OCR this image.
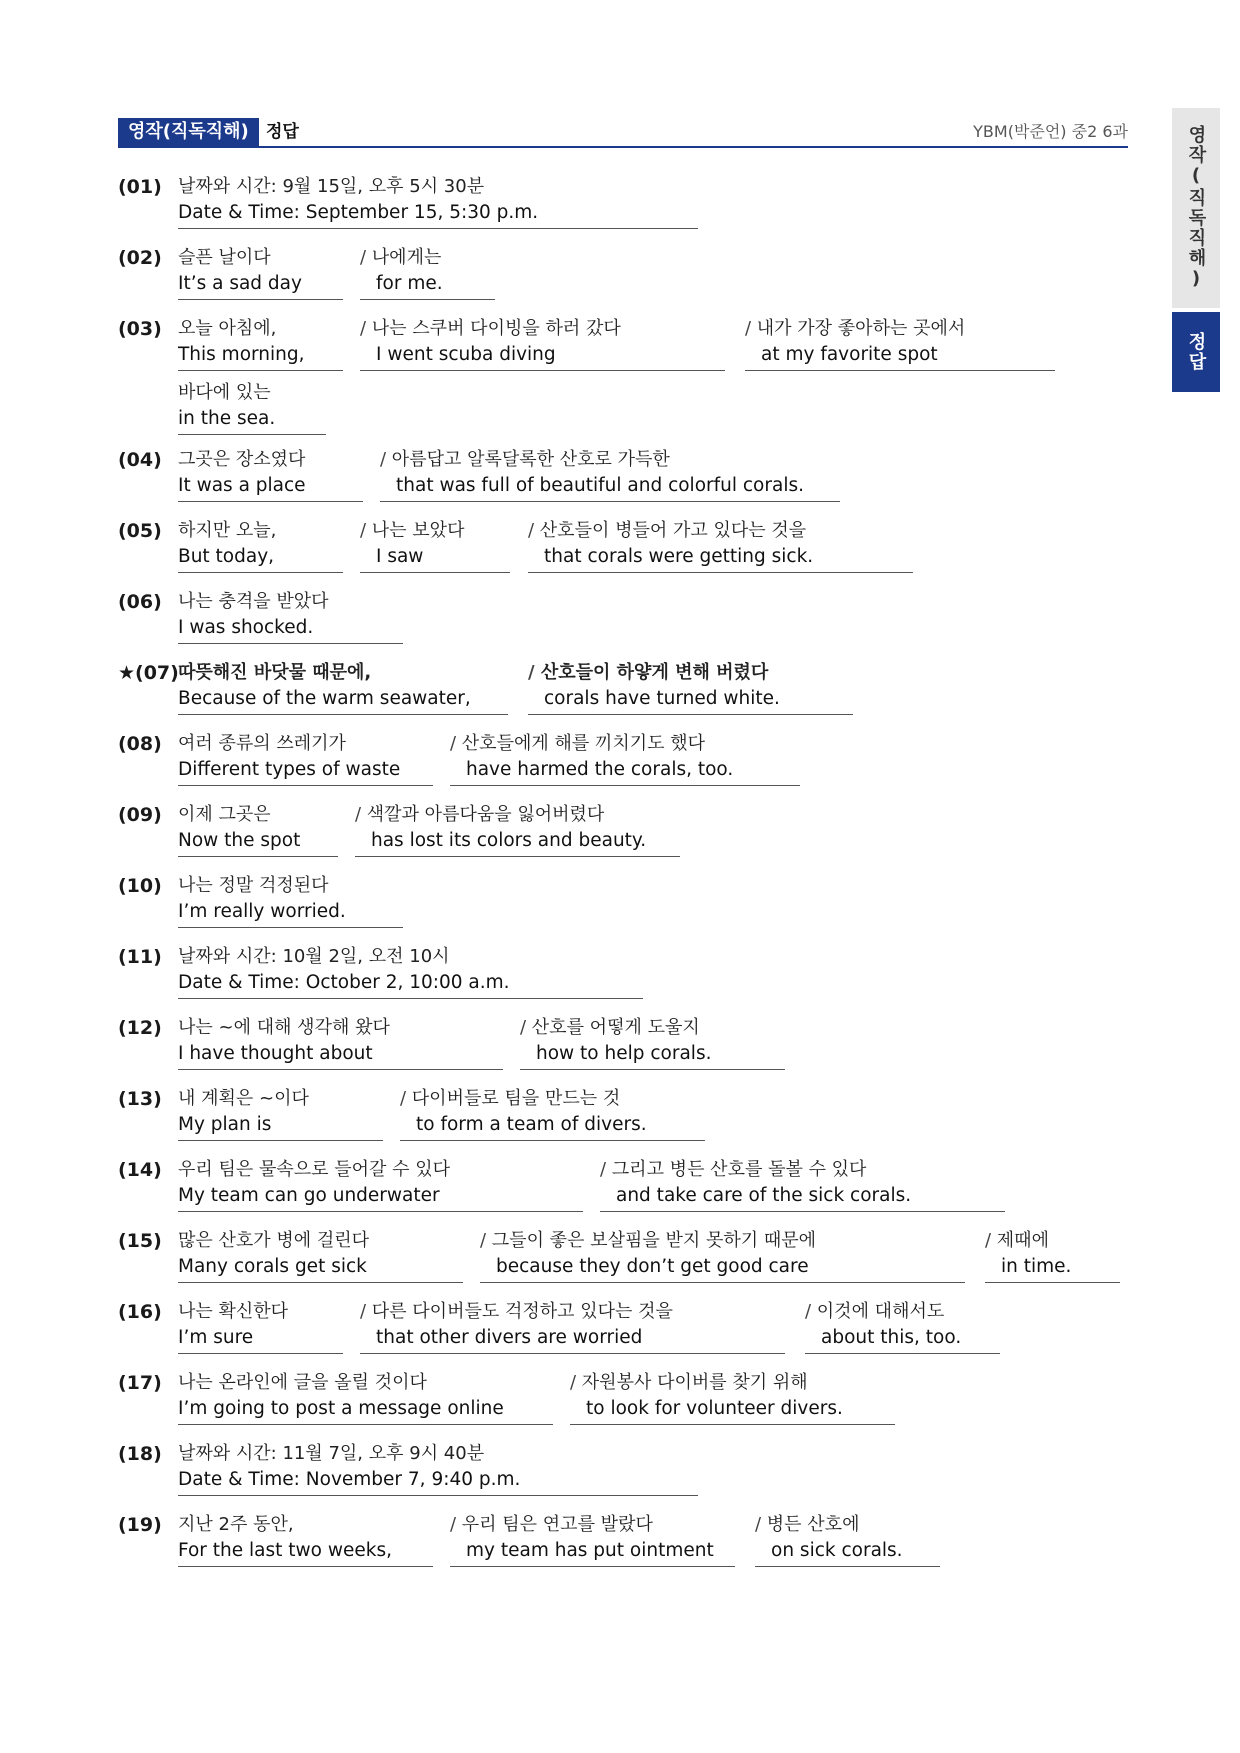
영작(직독직해)	정답	YBM(박준언) 중2 6과	영작(직독직해)
정답
(01) 날짜와 시간: 9월 15일, 오후 5시 30분
Date & Time: September 15, 5:30 p.m.
(02) 슬픈 날이다
It’s a sad day
/ 나에게는
for me.
(03) 오늘 아침에,
This morning,
/ 나는 스쿠버 다이빙을 하러 갔다
I went scuba diving
/ 내가 가장 좋아하는 곳에서
at my favorite spot
바다에 있는
in the sea.
(04) 그곳은 장소였다
It was a place
/ 아름답고 알록달록한 산호로 가득한
that was full of beautiful and colorful corals.
(05) 하지만 오늘,
But today,
/ 나는 보았다
I saw
/ 산호들이 병들어 가고 있다는 것을
that corals were getting sick.
(06) 나는 충격을 받았다
I was shocked.
★(07) 따뜻해진 바닷물 때문에,
Because of the warm seawater,
/ 산호들이 하얗게 변해 버렸다
corals have turned white.
(08) 여러 종류의 쓰레기가
Different types of waste
/ 산호들에게 해를 끼치기도 했다
have harmed the corals, too.
(09) 이제 그곳은
Now the spot
/ 색깔과 아름다움을 잃어버렸다
has lost its colors and beauty.
(10) 나는 정말 걱정된다
I’m really worried.
(11) 날짜와 시간: 10월 2일, 오전 10시
Date & Time: October 2, 10:00 a.m.
(12) 나는 ~에 대해 생각해 왔다
I have thought about
/ 산호를 어떻게 도울지
how to help corals.
(13) 내 계획은 ~이다
My plan is
/ 다이버들로 팀을 만드는 것
to form a team of divers.
(14) 우리 팀은 물속으로 들어갈 수 있다
My team can go underwater
/ 그리고 병든 산호를 돌볼 수 있다
and take care of the sick corals.
(15) 많은 산호가 병에 걸린다
Many corals get sick
/ 그들이 좋은 보살핌을 받지 못하기 때문에
because they don’t get good care
/ 제때에
in time.
(16) 나는 확신한다
I’m sure
/ 다른 다이버들도 걱정하고 있다는 것을
that other divers are worried
/ 이것에 대해서도
about this, too.
(17) 나는 온라인에 글을 올릴 것이다
I’m going to post a message online
/ 자원봉사 다이버를 찾기 위해
to look for volunteer divers.
(18) 날짜와 시간: 11월 7일, 오후 9시 40분
Date & Time: November 7, 9:40 p.m.
(19) 지난 2주 동안,
For the last two weeks,
/ 우리 팀은 연고를 발랐다
my team has put ointment
/ 병든 산호에
on sick corals.
